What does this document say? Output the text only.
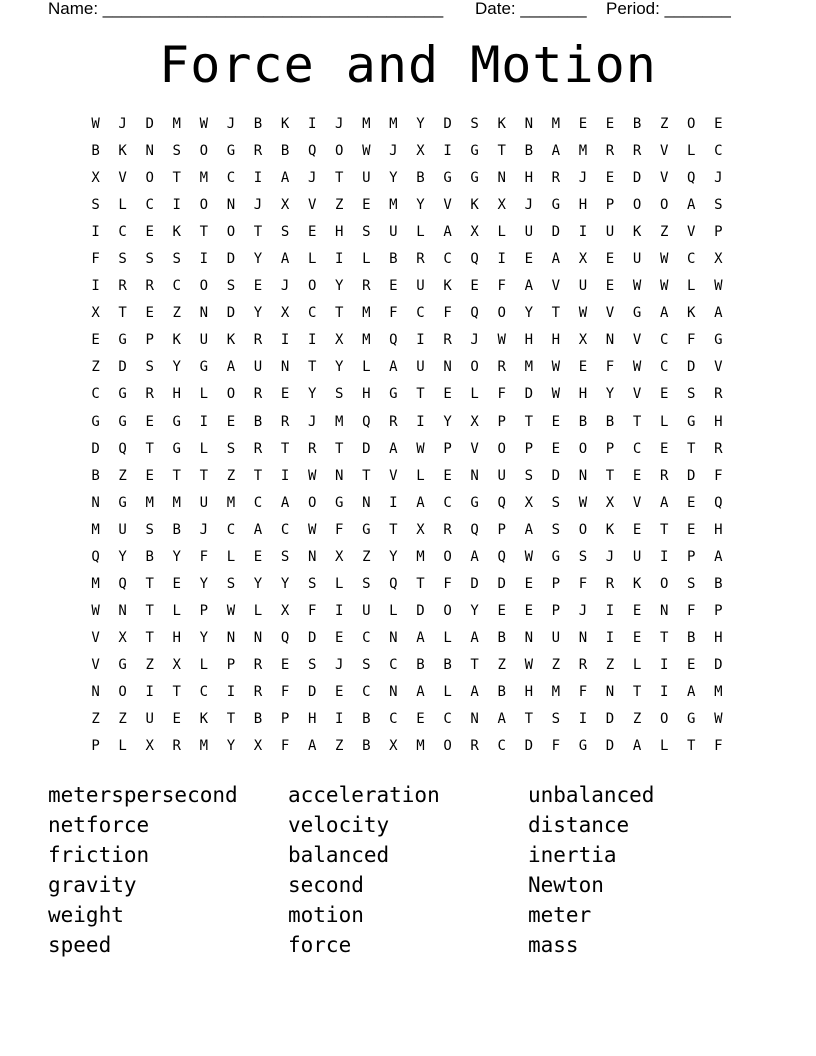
Name: ____________________________________

Date: _______

Period: _______

Force and Motion
W	J	D	M	W	J	B	K	I	J	M	M	Y	D	S	K	N	M	E	E	B	Z	O	E
B	K	N	S	O	G	R	B	Q	O	W	J	X	I	G	T	B	A	M	R	R	V	L	C
X	V	O	T	M	C	I	A	J	T	U	Y	B	G	G	N	H	R	J	E	D	V	Q	J
S	L	C	I	O	N	J	X	V	Z	E	M	Y	V	K	X	J	G	H	P	O	O	A	S
I	C	E	K	T	O	T	S	E	H	S	U	L	A	X	L	U	D	I	U	K	Z	V	P
F	S	S	S	I	D	Y	A	L	I	L	B	R	C	Q	I	E	A	X	E	U	W	C	X
I	R	R	C	O	S	E	J	O	Y	R	E	U	K	E	F	A	V	U	E	W	W	L	W
X	T	E	Z	N	D	Y	X	C	T	M	F	C	F	Q	O	Y	T	W	V	G	A	K	A
E	G	P	K	U	K	R	I	I	X	M	Q	I	R	J	W	H	H	X	N	V	C	F	G
Z	D	S	Y	G	A	U	N	T	Y	L	A	U	N	O	R	M	W	E	F	W	C	D	V
C	G	R	H	L	O	R	E	Y	S	H	G	T	E	L	F	D	W	H	Y	V	E	S	R
G	G	E	G	I	E	B	R	J	M	Q	R	I	Y	X	P	T	E	B	B	T	L	G	H
D	Q	T	G	L	S	R	T	R	T	D	A	W	P	V	O	P	E	O	P	C	E	T	R
B	Z	E	T	T	Z	T	I	W	N	T	V	L	E	N	U	S	D	N	T	E	R	D	F
N	G	M	M	U	M	C	A	O	G	N	I	A	C	G	Q	X	S	W	X	V	A	E	Q
M	U	S	B	J	C	A	C	W	F	G	T	X	R	Q	P	A	S	O	K	E	T	E	H
Q	Y	B	Y	F	L	E	S	N	X	Z	Y	M	O	A	Q	W	G	S	J	U	I	P	A
M	Q	T	E	Y	S	Y	Y	S	L	S	Q	T	F	D	D	E	P	F	R	K	O	S	B
W	N	T	L	P	W	L	X	F	I	U	L	D	O	Y	E	E	P	J	I	E	N	F	P
V	X	T	H	Y	N	N	Q	D	E	C	N	A	L	A	B	N	U	N	I	E	T	B	H
V	G	Z	X	L	P	R	E	S	J	S	C	B	B	T	Z	W	Z	R	Z	L	I	E	D
N	O	I	T	C	I	R	F	D	E	C	N	A	L	A	B	H	M	F	N	T	I	A	M
Z	Z	U	E	K	T	B	P	H	I	B	C	E	C	N	A	T	S	I	D	Z	O	G	W
P	L	X	R	M	Y	X	F	A	Z	B	X	M	O	R	C	D	F	G	D	A	L	T	F
meterspersecond	acceleration	unbalanced
netforce	velocity	distance
friction	balanced	inertia
gravity	second	Newton
weight	motion	meter
speed	force	mass
